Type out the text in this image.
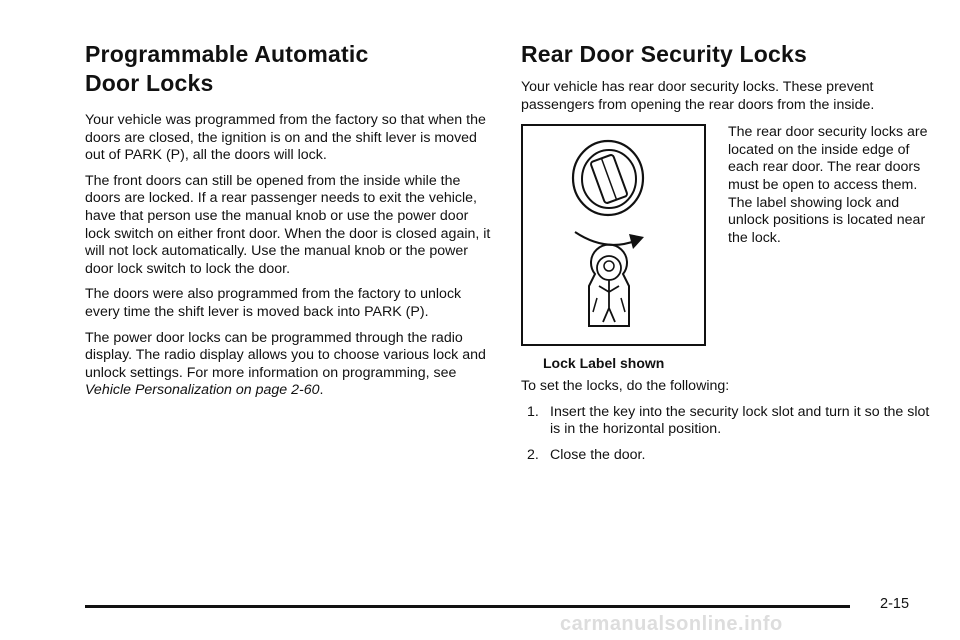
Programmable Automatic
Door Locks

Your vehicle was programmed from the factory so that when the doors are closed, the ignition is on and the shift lever is moved out of PARK (P), all the doors will lock.

The front doors can still be opened from the inside while the doors are locked. If a rear passenger needs to exit the vehicle, have that person use the manual knob or use the power door lock switch on either front door. When the door is closed again, it will not lock automatically. Use the manual knob or the power door lock switch to lock the door.

The doors were also programmed from the factory to unlock every time the shift lever is moved back into PARK (P).

The power door locks can be programmed through the radio display. The radio display allows you to choose various lock and unlock settings. For more information on programming, see Vehicle Personalization on page 2-60.

Rear Door Security Locks

Your vehicle has rear door security locks. These prevent passengers from opening the rear doors from the inside.

Lock Label shown

The rear door security locks are located on the inside edge of each rear door. The rear doors must be open to access them. The label showing lock and unlock positions is located near the lock.

To set the locks, do the following:

1. Insert the key into the security lock slot and turn it so the slot is in the horizontal position.
2. Close the door.

2-15

carmanualsonline.info
